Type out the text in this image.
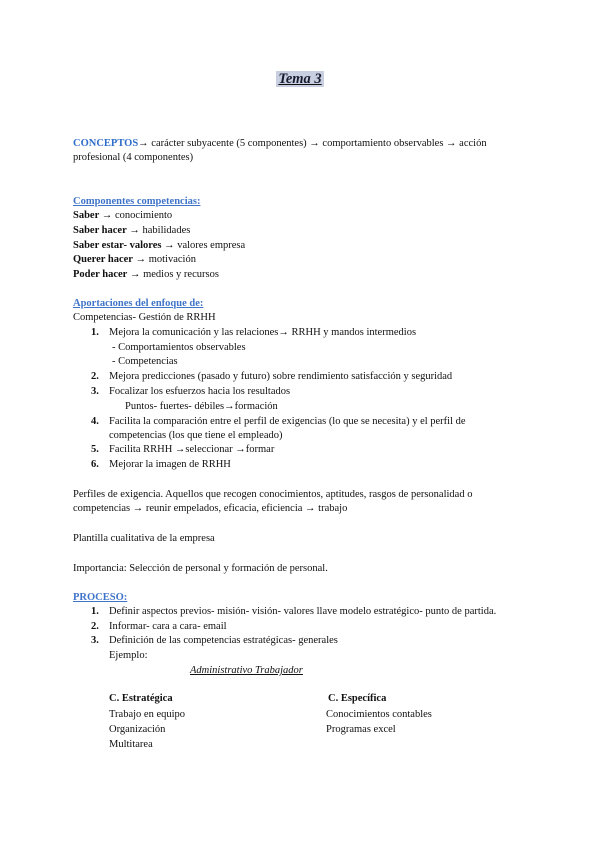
Tema 3
CONCEPTOS→ carácter subyacente (5 componentes) → comportamiento observables → acción
profesional (4 componentes)
Componentes competencias:
Saber → conocimiento
Saber hacer → habilidades
Saber estar- valores → valores empresa
Querer hacer → motivación
Poder hacer → medios y recursos
Aportaciones del enfoque de:
Competencias- Gestión de RRHH
1. Mejora la comunicación y las relaciones→ RRHH y mandos intermedios
- Comportamientos observables
- Competencias
2. Mejora predicciones (pasado y futuro) sobre rendimiento satisfacción y seguridad
3. Focalizar los esfuerzos hacia los resultados
Puntos- fuertes- débiles→formación
4. Facilita la comparación entre el perfil de exigencias (lo que se necesita) y el perfil de
competencias (los que tiene el empleado)
5. Facilita RRHH →seleccionar →formar
6. Mejorar la imagen de RRHH
Perfiles de exigencia. Aquellos que recogen conocimientos, aptitudes, rasgos de personalidad o
competencias → reunir empelados, eficacia, eficiencia → trabajo
Plantilla cualitativa de la empresa
Importancia: Selección de personal y formación de personal.
PROCESO:
1. Definir aspectos previos- misión- visión- valores llave modelo estratégico- punto de partida.
2. Informar- cara a cara- email
3. Definición de las competencias estratégicas- generales
Ejemplo:
Administrativo Trabajador
C. Estratégica	C. Específica
Trabajo en equipo
Organización
Multitarea
Conocimientos contables
Programas excel
